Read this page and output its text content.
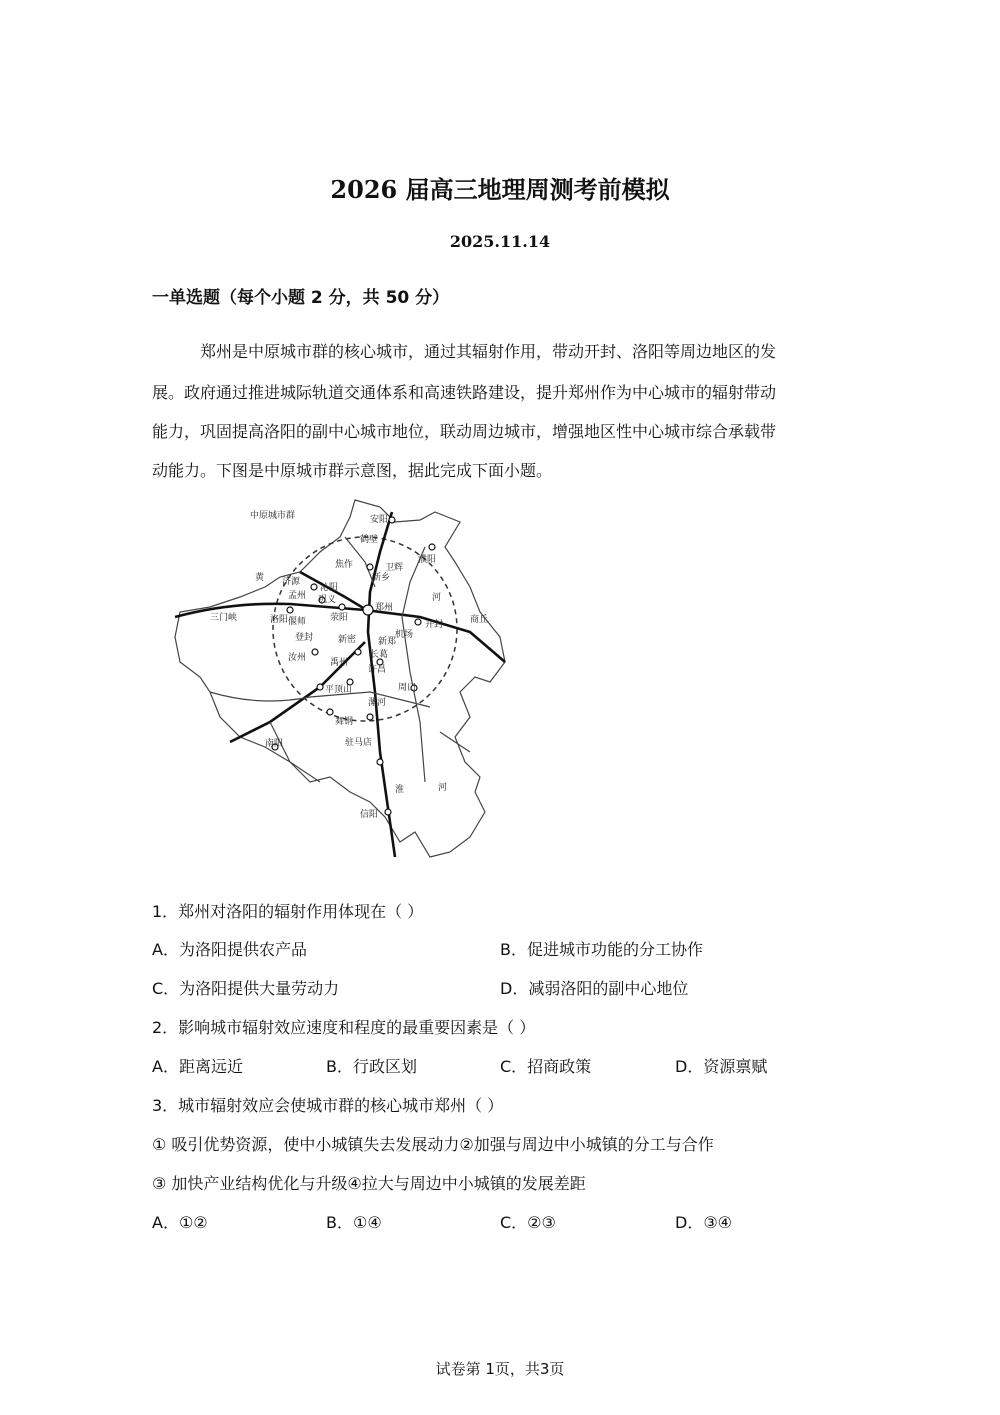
2026 届高三地理周测考前模拟
2025.11.14
一单选题（每个小题 2 分，共 50 分）
郑州是中原城市群的核心城市，通过其辐射作用，带动开封、洛阳等周边地区的发
展。政府通过推进城际轨道交通体系和高速铁路建设，提升郑州作为中心城市的辐射带动
能力，巩固提高洛阳的副中心城市地位，联动周边城市，增强地区性中心城市综合承载带
动能力。下图是中原城市群示意图，据此完成下面小题。
中原城市群	安阳
鹤壁
濮阳
焦作	卫辉
新乡
济源
沁阳
孟州 巩义
郑州
河
洛阳 偃师	荥阳
新密 新郑
开封
机场
三门峡
登封
汝州	禹州
长葛
许昌
商丘
平顶山
漯河
周口
舞钢
南阳	驻马店
信阳
黄
淮	河
1．郑州对洛阳的辐射作用体现在（ ）
A．为洛阳提供农产品	B．促进城市功能的分工协作
C．为洛阳提供大量劳动力	D．减弱洛阳的副中心地位
2．影响城市辐射效应速度和程度的最重要因素是（ ）
A．距离远近	B．行政区划	C．招商政策	D．资源禀赋
3．城市辐射效应会使城市群的核心城市郑州（ ）
① 吸引优势资源，使中小城镇失去发展动力②加强与周边中小城镇的分工与合作
③ 加快产业结构优化与升级④拉大与周边中小城镇的发展差距
A．①②	B．①④	C．②③	D．③④
试卷第 1页，共3页
